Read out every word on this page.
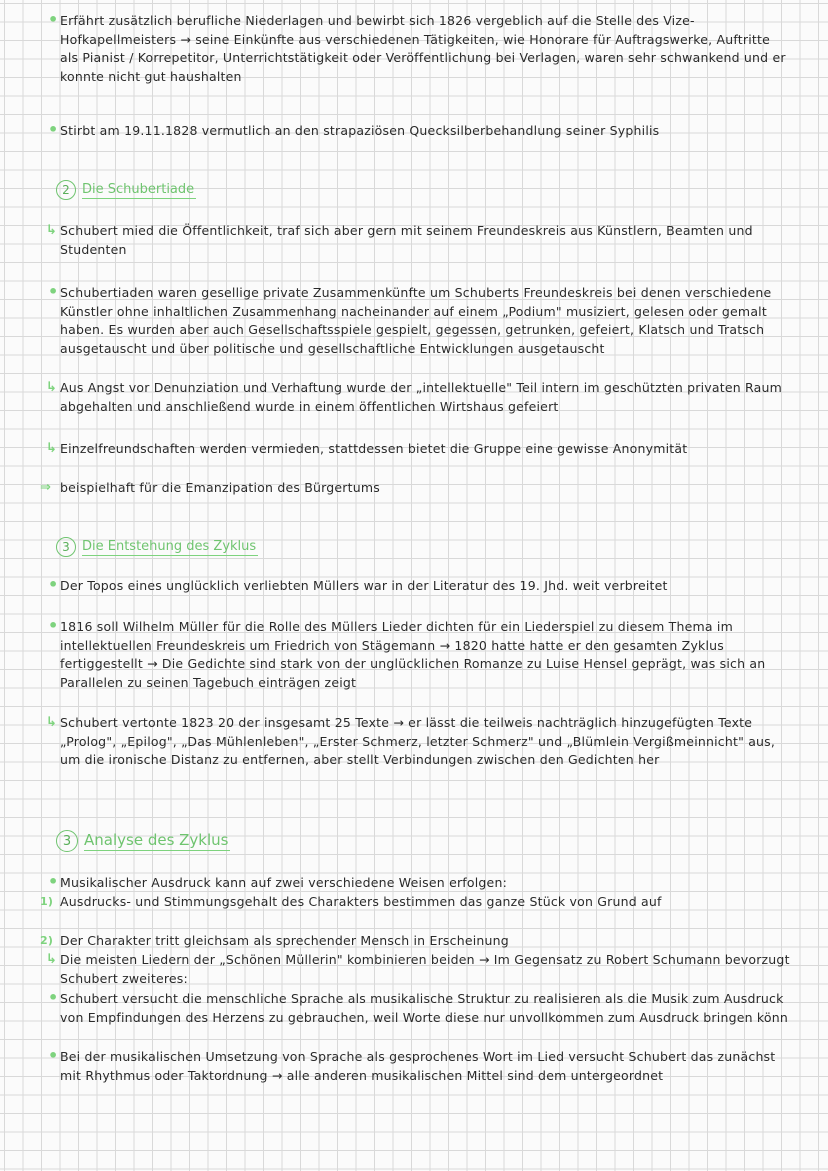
• Erfährt zusätzlich berufliche Niederlagen und bewirbt sich 1826 vergeblich auf die Stelle des Vize-Hofkapellmeisters → seine Einkünfte aus verschiedenen Tätigkeiten, wie Honorare für Auftragswerke, Auftritte als Pianist / Korrepetitor, Unterrichtstätigkeit oder Veröffentlichung bei Verlagen, waren sehr schwankend und er konnte nicht gut haushalten

• Stirbt am 19.11.1828 vermutlich an den strapaziösen Quecksilberbehandlung seiner Syphilis

2 Die Schubertiade

↳ Schubert mied die Öffentlichkeit, traf sich aber gern mit seinem Freundeskreis aus Künstlern, Beamten und Studenten

• Schubertiaden waren gesellige private Zusammenkünfte um Schuberts Freundeskreis bei denen verschiedene Künstler ohne inhaltlichen Zusammenhang nacheinander auf einem „Podium" musiziert, gelesen oder gemalt haben. Es wurden aber auch Gesellschaftsspiele gespielt, gegessen, getrunken, gefeiert, Klatsch und Tratsch ausgetauscht und über politische und gesellschaftliche Entwicklungen ausgetauscht

↳ Aus Angst vor Denunziation und Verhaftung wurde der „intellektuelle" Teil intern im geschützten privaten Raum abgehalten und anschließend wurde in einem öffentlichen Wirtshaus gefeiert

↳ Einzelfreundschaften werden vermieden, stattdessen bietet die Gruppe eine gewisse Anonymität

⇒ beispielhaft für die Emanzipation des Bürgertums

3 Die Entstehung des Zyklus

• Der Topos eines unglücklich verliebten Müllers war in der Literatur des 19. Jhd. weit verbreitet

• 1816 soll Wilhelm Müller für die Rolle des Müllers Lieder dichten für ein Liederspiel zu diesem Thema im intellektuellen Freundeskreis um Friedrich von Stägemann → 1820 hatte hatte er den gesamten Zyklus fertiggestellt → Die Gedichte sind stark von der unglücklichen Romanze zu Luise Hensel geprägt, was sich an Parallelen zu seinen Tagebuch einträgen zeigt

↳ Schubert vertonte 1823 20 der insgesamt 25 Texte → er lässt die teilweis nachträglich hinzugefügten Texte „Prolog", „Epilog", „Das Mühlenleben", „Erster Schmerz, letzter Schmerz" und „Blümlein Vergißmeinnicht" aus, um die ironische Distanz zu entfernen, aber stellt Verbindungen zwischen den Gedichten her

3 Analyse des Zyklus

• Musikalischer Ausdruck kann auf zwei verschiedene Weisen erfolgen:

1) Ausdrucks- und Stimmungsgehalt des Charakters bestimmen das ganze Stück von Grund auf

2) Der Charakter tritt gleichsam als sprechender Mensch in Erscheinung

↳ Die meisten Liedern der „Schönen Müllerin" kombinieren beiden → Im Gegensatz zu Robert Schumann bevorzugt Schubert zweiteres:

• Schubert versucht die menschliche Sprache als musikalische Struktur zu realisieren als die Musik zum Ausdruck von Empfindungen des Herzens zu gebrauchen, weil Worte diese nur unvollkommen zum Ausdruck bringen könn

• Bei der musikalischen Umsetzung von Sprache als gesprochenes Wort im Lied versucht Schubert das zunächst mit Rhythmus oder Taktordnung → alle anderen musikalischen Mittel sind dem untergeordnet
